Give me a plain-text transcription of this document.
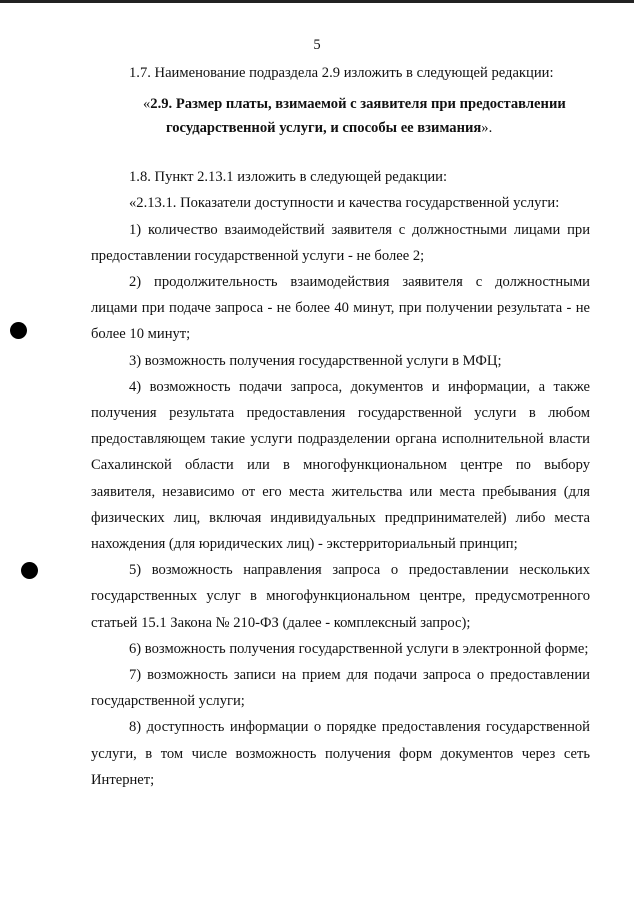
5

1.7. Наименование подраздела 2.9 изложить в следующей редакции:

«2.9. Размер платы, взимаемой с заявителя при предоставлении
государственной услуги, и способы ее взимания».

1.8. Пункт 2.13.1 изложить в следующей редакции:

«2.13.1. Показатели доступности и качества государственной услуги:

1) количество взаимодействий заявителя с должностными лицами при предоставлении государственной услуги - не более 2;

2) продолжительность взаимодействия заявителя с должностными лицами при подаче запроса - не более 40 минут, при получении результата - не более 10 минут;

3) возможность получения государственной услуги в МФЦ;

4) возможность подачи запроса, документов и информации, а также получения результата предоставления государственной услуги в любом предоставляющем такие услуги подразделении органа исполнительной власти Сахалинской области или в многофункциональном центре по выбору заявителя, независимо от его места жительства или места пребывания (для физических лиц, включая индивидуальных предпринимателей) либо места нахождения (для юридических лиц) - экстерриториальный принцип;

5) возможность направления запроса о предоставлении нескольких государственных услуг в многофункциональном центре, предусмотренного статьей 15.1 Закона № 210-ФЗ (далее - комплексный запрос);

6) возможность получения государственной услуги в электронной форме;

7) возможность записи на прием для подачи запроса о предоставлении государственной услуги;

8) доступность информации о порядке предоставления государственной услуги, в том числе возможность получения форм документов через сеть Интернет;
